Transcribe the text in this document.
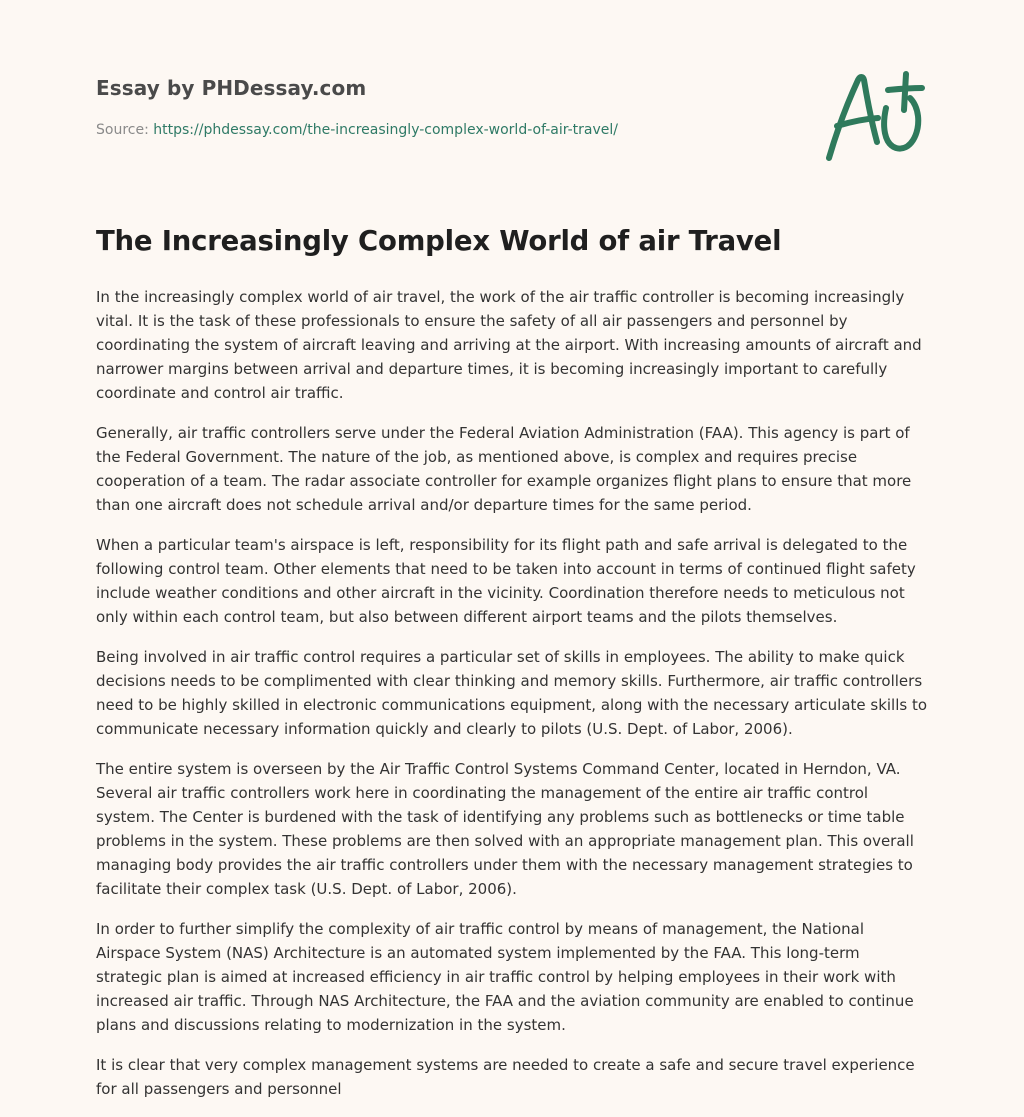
Essay by PHDessay.com
Source: https://phdessay.com/the-increasingly-complex-world-of-air-travel/
The Increasingly Complex World of air Travel

In the increasingly complex world of air travel, the work of the air traffic controller is becoming increasingly vital. It is the task of these professionals to ensure the safety of all air passengers and personnel by coordinating the system of aircraft leaving and arriving at the airport. With increasing amounts of aircraft and narrower margins between arrival and departure times, it is becoming increasingly important to carefully coordinate and control air traffic.

Generally, air traffic controllers serve under the Federal Aviation Administration (FAA). This agency is part of the Federal Government. The nature of the job, as mentioned above, is complex and requires precise cooperation of a team. The radar associate controller for example organizes flight plans to ensure that more than one aircraft does not schedule arrival and/or departure times for the same period.

When a particular team's airspace is left, responsibility for its flight path and safe arrival is delegated to the following control team. Other elements that need to be taken into account in terms of continued flight safety include weather conditions and other aircraft in the vicinity. Coordination therefore needs to meticulous not only within each control team, but also between different airport teams and the pilots themselves.

Being involved in air traffic control requires a particular set of skills in employees. The ability to make quick decisions needs to be complimented with clear thinking and memory skills. Furthermore, air traffic controllers need to be highly skilled in electronic communications equipment, along with the necessary articulate skills to communicate necessary information quickly and clearly to pilots (U.S. Dept. of Labor, 2006).

The entire system is overseen by the Air Traffic Control Systems Command Center, located in Herndon, VA. Several air traffic controllers work here in coordinating the management of the entire air traffic control system. The Center is burdened with the task of identifying any problems such as bottlenecks or time table problems in the system. These problems are then solved with an appropriate management plan. This overall managing body provides the air traffic controllers under them with the necessary management strategies to facilitate their complex task (U.S. Dept. of Labor, 2006).

In order to further simplify the complexity of air traffic control by means of management, the National Airspace System (NAS) Architecture is an automated system implemented by the FAA. This long-term strategic plan is aimed at increased efficiency in air traffic control by helping employees in their work with increased air traffic. Through NAS Architecture, the FAA and the aviation community are enabled to continue plans and discussions relating to modernization in the system.

It is clear that very complex management systems are needed to create a safe and secure travel experience for all passengers and personnel
